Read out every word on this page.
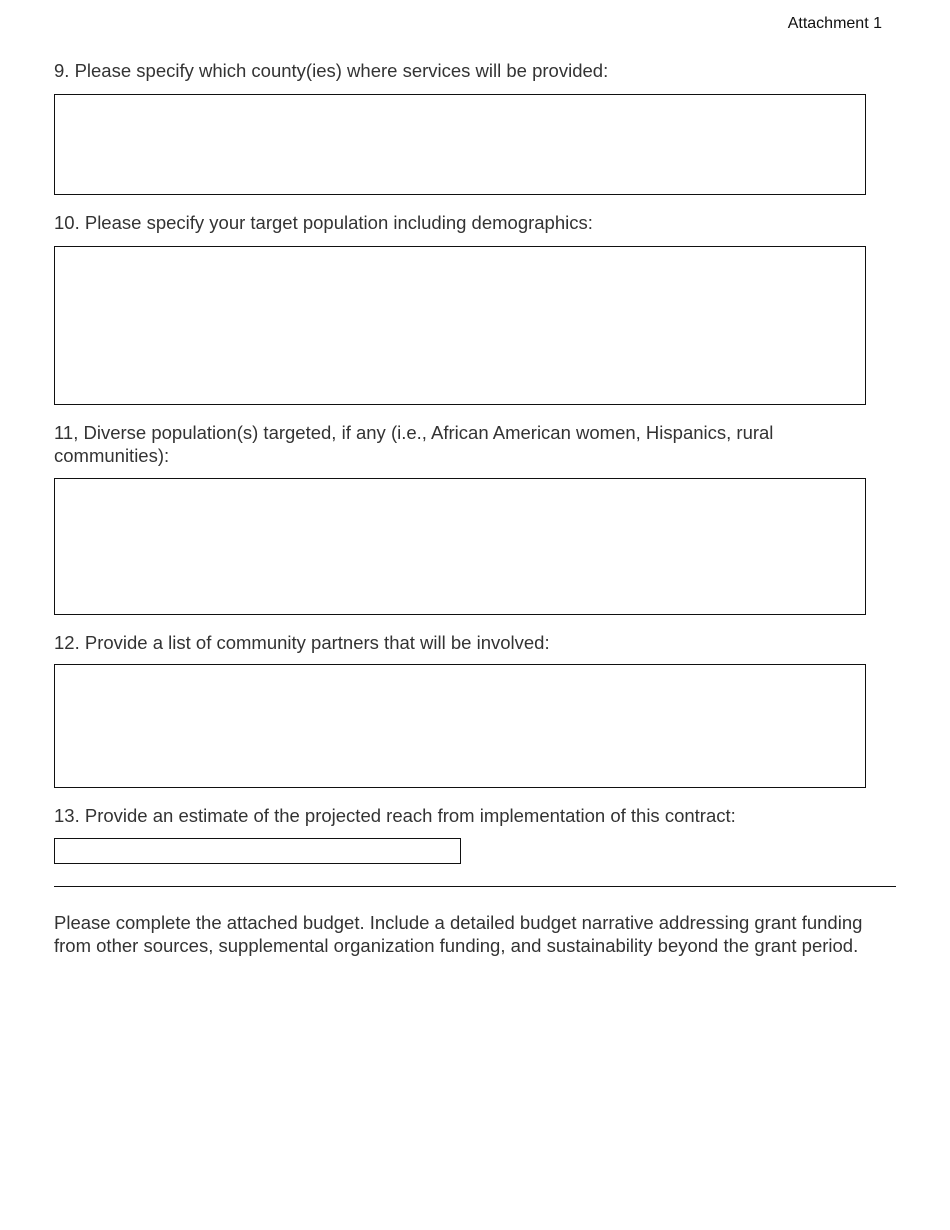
Attachment 1
9. Please specify which county(ies) where services will be provided:
10. Please specify your target population including demographics:
11, Diverse population(s) targeted, if any (i.e., African American women, Hispanics, rural communities):
12. Provide a list of community partners that will be involved:
13. Provide an estimate of the projected reach from implementation of this contract:
Please complete the attached budget. Include a detailed budget narrative addressing grant funding from other sources, supplemental organization funding, and sustainability beyond the grant period.
